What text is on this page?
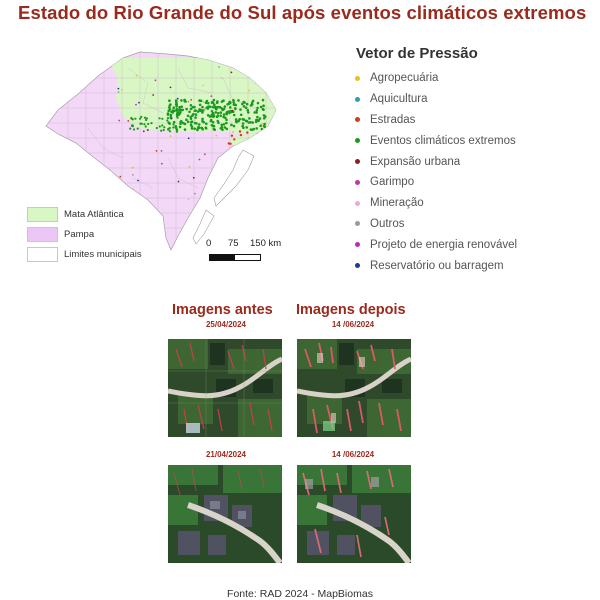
Estado do Rio Grande do Sul após eventos climáticos extremos
Mata Atlântica
Pampa
Limites municipais
0 75 150 km
Vetor de Pressão
Agropecuária
Aquicultura
Estradas
Eventos climáticos extremos
Expansão urbana
Garimpo
Mineração
Outros
Projeto de energia renovável
Reservatório ou barragem
Imagens antes Imagens depois
25/04/2024	14 /06/2024
21/04/2024	14 /06/2024
Fonte: RAD 2024 - MapBiomas
